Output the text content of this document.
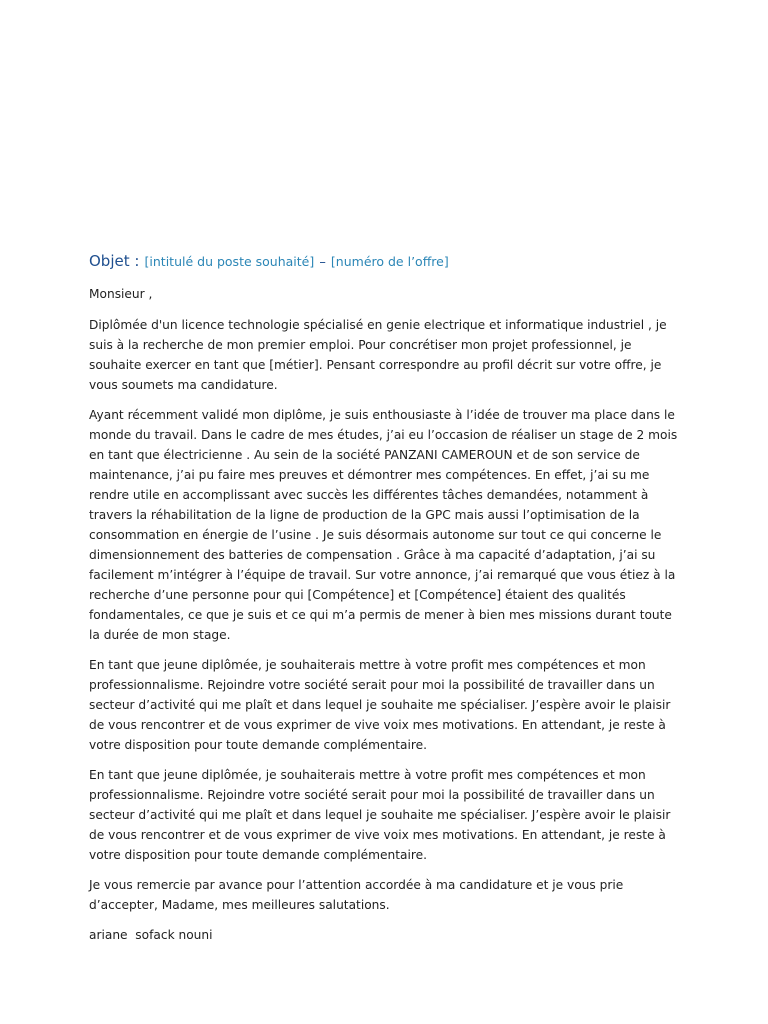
Objet : [intitulé du poste souhaité] – [numéro de l’offre]

Monsieur ,

Diplômée d'un licence technologie spécialisé en genie electrique et informatique industriel , je suis à la recherche de mon premier emploi. Pour concrétiser mon projet professionnel, je souhaite exercer en tant que [métier]. Pensant correspondre au profil décrit sur votre offre, je vous soumets ma candidature.

Ayant récemment validé mon diplôme, je suis enthousiaste à l’idée de trouver ma place dans le monde du travail. Dans le cadre de mes études, j’ai eu l’occasion de réaliser un stage de 2 mois en tant que électricienne . Au sein de la société PANZANI CAMEROUN et de son service de maintenance, j’ai pu faire mes preuves et démontrer mes compétences. En effet, j’ai su me rendre utile en accomplissant avec succès les différentes tâches demandées, notamment à travers la réhabilitation de la ligne de production de la GPC mais aussi l’optimisation de la consommation en énergie de l’usine . Je suis désormais autonome sur tout ce qui concerne le dimensionnement des batteries de compensation . Grâce à ma capacité d’adaptation, j’ai su facilement m’intégrer à l’équipe de travail. Sur votre annonce, j’ai remarqué que vous étiez à la recherche d’une personne pour qui [Compétence] et [Compétence] étaient des qualités fondamentales, ce que je suis et ce qui m’a permis de mener à bien mes missions durant toute la durée de mon stage.

En tant que jeune diplômée, je souhaiterais mettre à votre profit mes compétences et mon professionnalisme. Rejoindre votre société serait pour moi la possibilité de travailler dans un secteur d’activité qui me plaît et dans lequel je souhaite me spécialiser. J’espère avoir le plaisir de vous rencontrer et de vous exprimer de vive voix mes motivations. En attendant, je reste à votre disposition pour toute demande complémentaire.

En tant que jeune diplômée, je souhaiterais mettre à votre profit mes compétences et mon professionnalisme. Rejoindre votre société serait pour moi la possibilité de travailler dans un secteur d’activité qui me plaît et dans lequel je souhaite me spécialiser. J’espère avoir le plaisir de vous rencontrer et de vous exprimer de vive voix mes motivations. En attendant, je reste à votre disposition pour toute demande complémentaire.

Je vous remercie par avance pour l’attention accordée à ma candidature et je vous prie d’accepter, Madame, mes meilleures salutations.

ariane  sofack nouni
